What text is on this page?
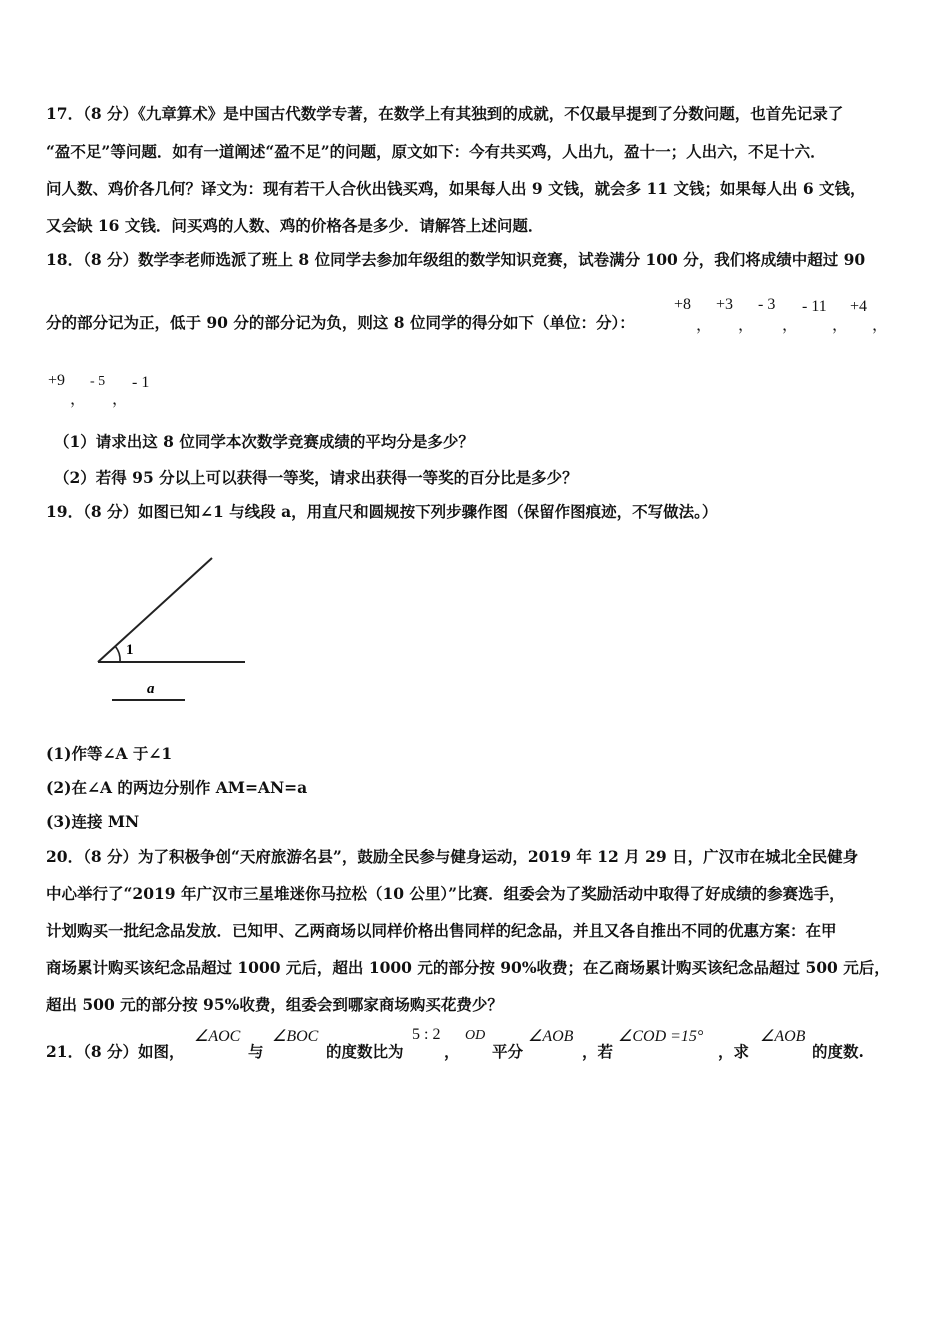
17．（8 分）《九章算术》是中国古代数学专著，在数学上有其独到的成就，不仅最早提到了分数问题，也首先记录了
“盈不足”等问题．如有一道阐述“盈不足”的问题，原文如下：今有共买鸡，人出九，盈十一；人出六，不足十六．
问人数、鸡价各几何？译文为：现有若干人合伙出钱买鸡，如果每人出 9 文钱，就会多 11 文钱；如果每人出 6 文钱，
又会缺 16 文钱．问买鸡的人数、鸡的价格各是多少．请解答上述问题．
18．（8 分）数学李老师选派了班上 8 位同学去参加年级组的数学知识竞赛，试卷满分 100 分，我们将成绩中超过 90
分的部分记为正，低于 90 分的部分记为负，则这 8 位同学的得分如下（单位：分）：
+8
，
+3
，
- 3
，
- 11
，
+4
，
+9
，
- 5
，
- 1
（1）请求出这 8 位同学本次数学竞赛成绩的平均分是多少？
（2）若得 95 分以上可以获得一等奖，请求出获得一等奖的百分比是多少？
19．（8 分）如图已知∠1 与线段 a，用直尺和圆规按下列步骤作图（保留作图痕迹，不写做法。）
1
a
(1)作等∠A 于∠1
(2)在∠A 的两边分别作 AM=AN=a
(3)连接 MN
20．（8 分）为了积极争创“天府旅游名县”，鼓励全民参与健身运动，2019 年 12 月 29 日，广汉市在城北全民健身
中心举行了“2019 年广汉市三星堆迷你马拉松（10 公里）”比赛．组委会为了奖励活动中取得了好成绩的参赛选手，
计划购买一批纪念品发放．已知甲、乙两商场以同样价格出售同样的纪念品，并且又各自推出不同的优惠方案：在甲
商场累计购买该纪念品超过 1000 元后，超出 1000 元的部分按 90%收费；在乙商场累计购买该纪念品超过 500 元后，
超出 500 元的部分按 95%收费，组委会到哪家商场购买花费少？
21．（8 分）如图，
∠AOC
与
∠BOC
的度数比为
5 : 2
，
OD
平分
∠AOB
，若
∠COD =15°
，求
∠AOB
的度数.
